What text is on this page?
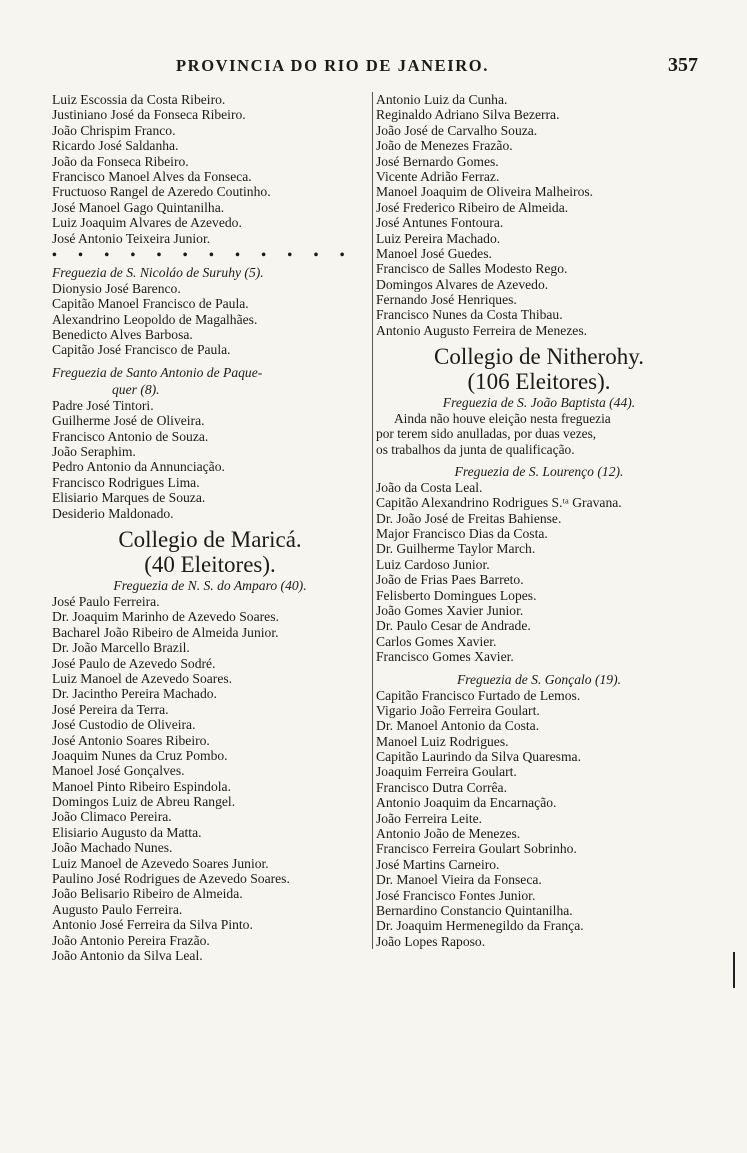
PROVINCIA DO RIO DE JANEIRO.	357
Luiz Escossia da Costa Ribeiro.
Justiniano José da Fonseca Ribeiro.
João Chrispim Franco.
Ricardo José Saldanha.
João da Fonseca Ribeiro.
Francisco Manoel Alves da Fonseca.
Fructuoso Rangel de Azeredo Coutinho.
José Manoel Gago Quintanilha.
Luiz Joaquim Alvares de Azevedo.
José Antonio Teixeira Junior.
• • • • • • • • • • • •
Freguezia de S. Nicoláo de Suruhy (5).
Dionysio José Barenco.
Capitão Manoel Francisco de Paula.
Alexandrino Leopoldo de Magalhães.
Benedicto Alves Barbosa.
Capitão José Francisco de Paula.
Freguezia de Santo Antonio de Paque-
quer (8).
Padre José Tintori.
Guilherme José de Oliveira.
Francisco Antonio de Souza.
João Seraphim.
Pedro Antonio da Annunciação.
Francisco Rodrigues Lima.
Elisiario Marques de Souza.
Desiderio Maldonado.
Collegio de Maricá.
(40 Eleitores).
Freguezia de N. S. do Amparo (40).
José Paulo Ferreira.
Dr. Joaquim Marinho de Azevedo Soares.
Bacharel João Ribeiro de Almeida Junior.
Dr. João Marcello Brazil.
José Paulo de Azevedo Sodré.
Luiz Manoel de Azevedo Soares.
Dr. Jacintho Pereira Machado.
José Pereira da Terra.
José Custodio de Oliveira.
José Antonio Soares Ribeiro.
Joaquim Nunes da Cruz Pombo.
Manoel José Gonçalves.
Manoel Pinto Ribeiro Espindola.
Domingos Luiz de Abreu Rangel.
João Climaco Pereira.
Elisiario Augusto da Matta.
João Machado Nunes.
Luiz Manoel de Azevedo Soares Junior.
Paulino José Rodrigues de Azevedo Soares.
João Belisario Ribeiro de Almeida.
Augusto Paulo Ferreira.
Antonio José Ferreira da Silva Pinto.
João Antonio Pereira Frazão.
João Antonio da Silva Leal.
Antonio Luiz da Cunha.
Reginaldo Adriano Silva Bezerra.
João José de Carvalho Souza.
João de Menezes Frazão.
José Bernardo Gomes.
Vicente Adrião Ferraz.
Manoel Joaquim de Oliveira Malheiros.
José Frederico Ribeiro de Almeida.
José Antunes Fontoura.
Luiz Pereira Machado.
Manoel José Guedes.
Francisco de Salles Modesto Rego.
Domingos Alvares de Azevedo.
Fernando José Henriques.
Francisco Nunes da Costa Thibau.
Antonio Augusto Ferreira de Menezes.
Collegio de Nitherohy.
(106 Eleitores).
Freguezia de S. João Baptista (44).
Ainda não houve eleição nesta freguezia
por terem sido anulladas, por duas vezes,
os trabalhos da junta de qualificação.
Freguezia de S. Lourenço (12).
João da Costa Leal.
Capitão Alexandrino Rodrigues S.ᵗᵃ Gravana.
Dr. João José de Freitas Bahiense.
Major Francisco Dias da Costa.
Dr. Guilherme Taylor March.
Luiz Cardoso Junior.
João de Frias Paes Barreto.
Felisberto Domingues Lopes.
João Gomes Xavier Junior.
Dr. Paulo Cesar de Andrade.
Carlos Gomes Xavier.
Francisco Gomes Xavier.
Freguezia de S. Gonçalo (19).
Capitão Francisco Furtado de Lemos.
Vigario João Ferreira Goulart.
Dr. Manoel Antonio da Costa.
Manoel Luiz Rodrigues.
Capitão Laurindo da Silva Quaresma.
Joaquim Ferreira Goulart.
Francisco Dutra Corrêa.
Antonio Joaquim da Encarnação.
João Ferreira Leite.
Antonio João de Menezes.
Francisco Ferreira Goulart Sobrinho.
José Martins Carneiro.
Dr. Manoel Vieira da Fonseca.
José Francisco Fontes Junior.
Bernardino Constancio Quintanilha.
Dr. Joaquim Hermenegildo da França.
João Lopes Raposo.
